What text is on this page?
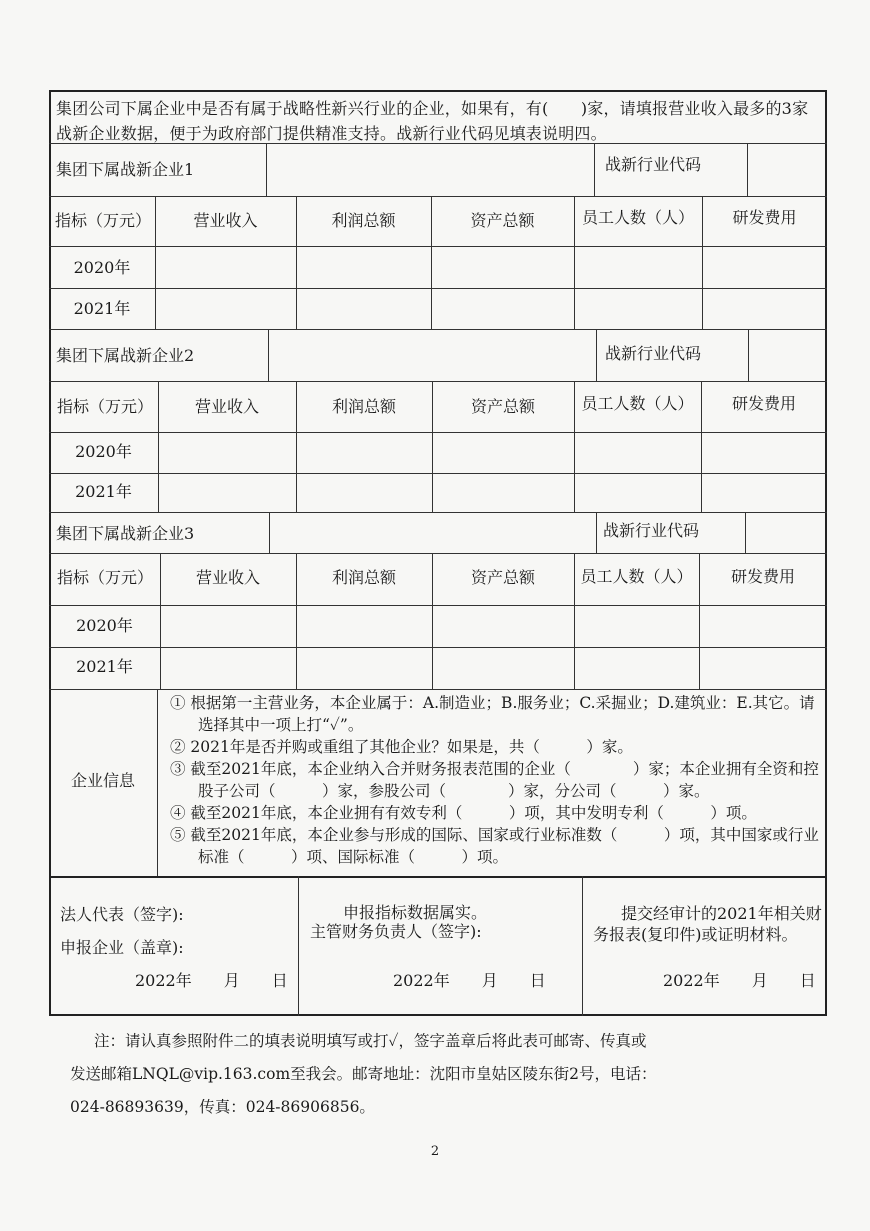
集团公司下属企业中是否有属于战略性新兴行业的企业，如果有，有(　　)家，请填报营业收入最多的3家战新企业数据，便于为政府部门提供精准支持。战新行业代码见填表说明四。
集团下属战新企业1	战新行业代码
指标（万元）	营业收入	利润总额	资产总额	员工人数（人）	研发费用
2020年
2021年
集团下属战新企业2	战新行业代码
指标（万元）	营业收入	利润总额	资产总额	员工人数（人）	研发费用
2020年
2021年
集团下属战新企业3	战新行业代码
指标（万元）	营业收入	利润总额	资产总额	员工人数（人）	研发费用
2020年
2021年
企业信息

① 根据第一主营业务，本企业属于：A.制造业；B.服务业；C.采掘业；D.建筑业：E.其它。请选择其中一项上打“✓”。

② 2021年是否并购或重组了其他企业？如果是，共（　　　）家。

③ 截至2021年底，本企业纳入合并财务报表范围的企业（　　　　）家；本企业拥有全资和控股子公司（　　　）家，参股公司（　　　　）家，分公司（　　　）家。

④ 截至2021年底，本企业拥有有效专利（　　　）项，其中发明专利（　　　）项。

⑤ 截至2021年底，本企业参与形成的国际、国家或行业标准数（　　　）项，其中国家或行业标准（　　　）项、国际标准（　　　）项。

法人代表（签字):
申报企业（盖章):
2022年　　月　　日
申报指标数据属实。
主管财务负责人（签字):
2022年　　月　　日
提交经审计的2021年相关财务报表(复印件)或证明材料。
2022年　　月　　日
注：请认真参照附件二的填表说明填写或打✓，签字盖章后将此表可邮寄、传真或
发送邮箱LNQL@vip.163.com至我会。邮寄地址：沈阳市皇姑区陵东街2号，电话：
024-86893639，传真：024-86906856。
2
